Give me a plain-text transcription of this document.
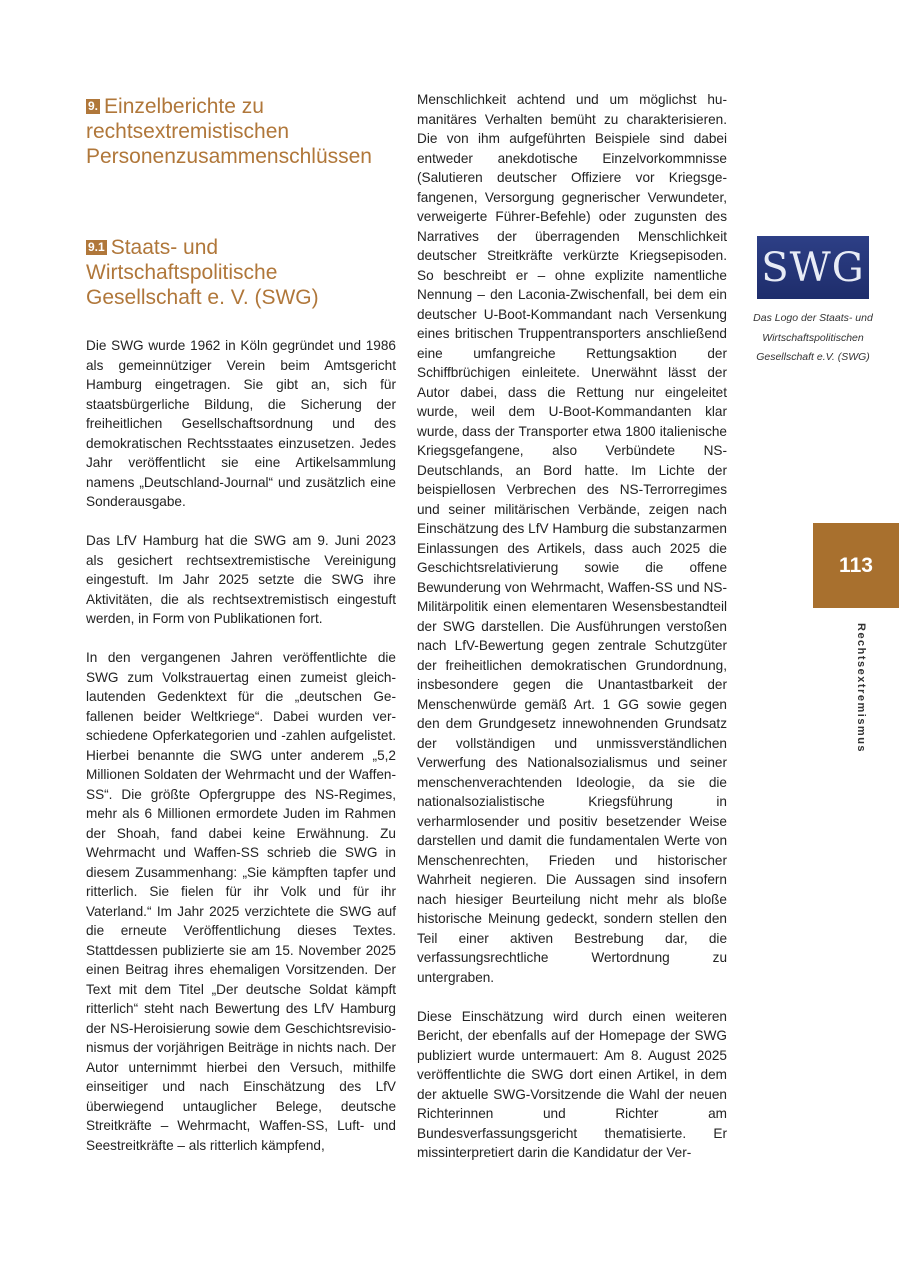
9. Einzelberichte zu rechtsextremistischen Personenzusammenschlüssen
9.1 Staats- und Wirtschaftspolitische Gesellschaft e. V. (SWG)

Die SWG wurde 1962 in Köln gegründet und 1986 als gemeinnütziger Verein beim Amtsgericht Hamburg eingetragen. Sie gibt an, sich für staatsbürgerliche Bildung, die Sicherung der freiheitlichen Gesellschaftsordnung und des demokratischen Rechtsstaates einzusetzen. Jedes Jahr veröffentlicht sie eine Artikelsammlung namens „Deutschland-Journal“ und zusätzlich eine Sonderausgabe.

Das LfV Hamburg hat die SWG am 9. Juni 2023 als gesichert rechtsextremistische Vereinigung eingestuft. Im Jahr 2025 setzte die SWG ihre Aktivitäten, die als rechtsextremistisch eingestuft werden, in Form von Publikationen fort.

In den vergangenen Jahren veröffentlichte die SWG zum Volkstrauertag einen zumeist gleichlautenden Gedenktext für die „deutschen Gefallenen beider Weltkriege“. Dabei wurden verschiedene Opferkategorien und -zahlen aufgelistet. Hierbei benannte die SWG unter anderem „5,2 Millionen Soldaten der Wehrmacht und der Waffen-SS“. Die größte Opfergruppe des NS-Regimes, mehr als 6 Millionen ermordete Juden im Rahmen der Shoah, fand dabei keine Erwähnung. Zu Wehrmacht und Waffen-SS schrieb die SWG in diesem Zusammenhang: „Sie kämpften tapfer und ritterlich. Sie fielen für ihr Volk und für ihr Vaterland.“ Im Jahr 2025 verzichtete die SWG auf die erneute Veröffentlichung dieses Textes. Stattdessen publizierte sie am 15. November 2025 einen Beitrag ihres ehemaligen Vorsitzenden. Der Text mit dem Titel „Der deutsche Soldat kämpft ritterlich“ steht nach Bewertung des LfV Hamburg der NS-Heroisierung sowie dem Geschichtsrevisionismus der vorjährigen Beiträge in nichts nach. Der Autor unternimmt hierbei den Versuch, mithilfe einseitiger und nach Einschätzung des LfV überwiegend untauglicher Belege, deutsche Streitkräfte – Wehrmacht, Waffen-SS, Luft- und Seestreitkräfte – als ritterlich kämpfend,

Menschlichkeit achtend und um möglichst humanitäres Verhalten bemüht zu charakterisieren. Die von ihm aufgeführten Beispiele sind dabei entweder anekdotische Einzelvorkommnisse (Salutieren deutscher Offiziere vor Kriegsgefangenen, Versorgung gegnerischer Verwundeter, verweigerte Führer-Befehle) oder zugunsten des Narratives der überragenden Menschlichkeit deutscher Streitkräfte verkürzte Kriegsepisoden. So beschreibt er – ohne explizite namentliche Nennung – den Laconia-Zwischenfall, bei dem ein deutscher U-Boot-Kommandant nach Versenkung eines britischen Truppentransporters anschließend eine umfangreiche Rettungsaktion der Schiffbrüchigen einleitete. Unerwähnt lässt der Autor dabei, dass die Rettung nur eingeleitet wurde, weil dem U-Boot-Kommandanten klar wurde, dass der Transporter etwa 1800 italienische Kriegsgefangene, also Verbündete NS-Deutschlands, an Bord hatte. Im Lichte der beispiellosen Verbrechen des NS-Terrorregimes und seiner militärischen Verbände, zeigen nach Einschätzung des LfV Hamburg die substanzarmen Einlassungen des Artikels, dass auch 2025 die Geschichtsrelativierung sowie die offene Bewunderung von Wehrmacht, Waffen-SS und NS-Militärpolitik einen elementaren Wesensbestandteil der SWG darstellen. Die Ausführungen verstoßen nach LfV-Bewertung gegen zentrale Schutzgüter der freiheitlichen demokratischen Grundordnung, insbesondere gegen die Unantastbarkeit der Menschenwürde gemäß Art. 1 GG sowie gegen den dem Grundgesetz innewohnenden Grundsatz der vollständigen und unmissverständlichen Verwerfung des Nationalsozialismus und seiner menschenverachtenden Ideologie, da sie die nationalsozialistische Kriegsführung in verharmlosender und positiv besetzender Weise darstellen und damit die fundamentalen Werte von Menschenrechten, Frieden und historischer Wahrheit negieren. Die Aussagen sind insofern nach hiesiger Beurteilung nicht mehr als bloße historische Meinung gedeckt, sondern stellen den Teil einer aktiven Bestrebung dar, die verfassungsrechtliche Wertordnung zu untergraben.

Diese Einschätzung wird durch einen weiteren Bericht, der ebenfalls auf der Homepage der SWG publiziert wurde untermauert: Am 8. August 2025 veröffentlichte die SWG dort einen Artikel, in dem der aktuelle SWG-Vorsitzende die Wahl der neuen Richterinnen und Richter am Bundesverfassungsgericht thematisierte. Er missinterpretiert darin die Kandidatur der Ver-

SWG
Das Logo der Staats- und Wirtschaftspolitischen Gesellschaft e.V. (SWG)
113
Rechtsextremismus
